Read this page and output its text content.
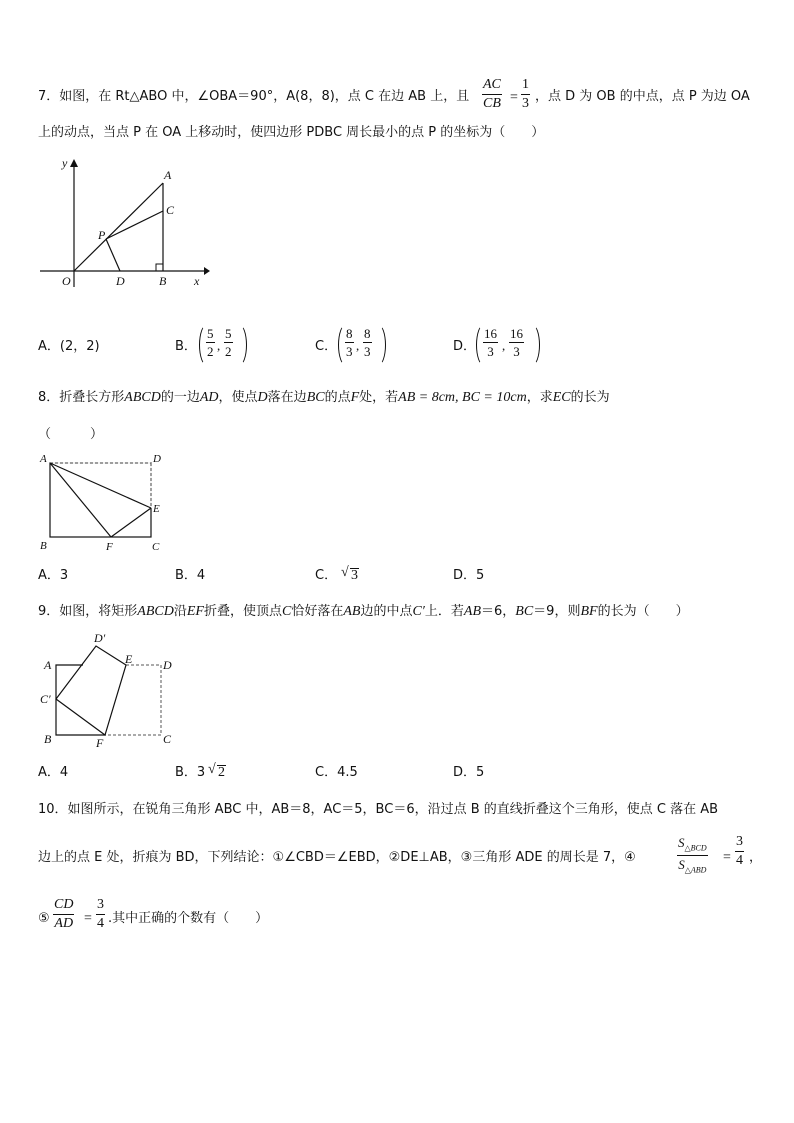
7．如图，在 Rt△ABO 中，∠OBA＝90°，A(8，8)，点 C 在边 AB 上，且
AC
CB =
1
3 ，点 D 为 OB 的中点，点 P 为边 OA
上的动点，当点 P 在 OA 上移动时，使四边形 PDBC 周长最小的点 P 的坐标为（　　）
y
x
O
A
C
P
D	B
A．(2，2)	B．
5
2 ,
5
2	C．
8
3 ,
8
3	D．
16
3 ,
16
3
8．折叠长方形ABCD的一边AD，使点D落在边BC的点F处，若AB = 8cm, BC = 10cm，求EC的长为
（　　　）
A	D
E
B	F	C
A．3	B．4	C． √ 3	D．5
9．如图，将矩形ABCD沿EF折叠，使顶点C恰好落在AB边的中点C′上．若AB＝6，BC＝9，则BF的长为（　　）
D′
A	E	D
C′
B	F	C
A．4	B．3 √ 2	C．4.5	D．5
10．如图所示，在锐角三角形 ABC 中，AB＝8，AC＝5，BC＝6，沿过点 B 的直线折叠这个三角形，使点 C 落在 AB
边上的点 E 处，折痕为 BD，下列结论：①∠CBD＝∠EBD，②DE⊥AB，③三角形 ADE 的周长是 7，④
$S_{\triangle BCD}$
$S_{\triangle ABD}$
=
3
4 ，
⑤
CD
AD =
3
4 .其中正确的个数有（　　）
